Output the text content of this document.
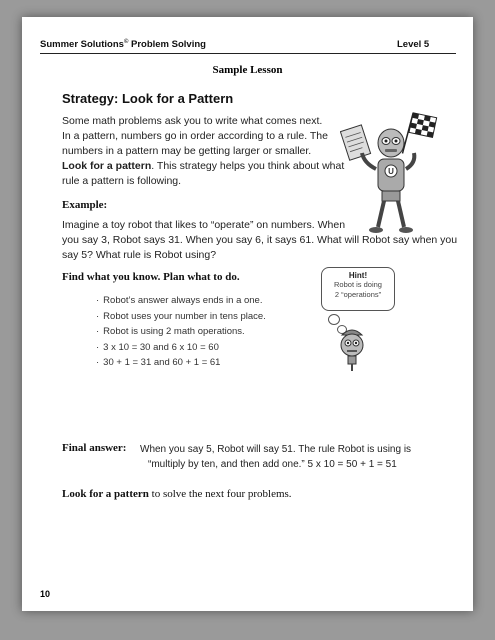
Summer Solutions© Problem Solving	Level 5
Sample Lesson
Strategy: Look for a Pattern
Some math problems ask you to write what comes next.
In a pattern, numbers go in order according to a rule. The
numbers in a pattern may be getting larger or smaller.
Look for a pattern. This strategy helps you think about what
rule a pattern is following.
U
Example:
Imagine a toy robot that likes to “operate” on numbers. When
you say 3, Robot says 31. When you say 6, it says 61. What will Robot say when you
say 5? What rule is Robot using?
Find what you know. Plan what to do.
· Robot’s answer always ends in a one.
· Robot uses your number in tens place.
· Robot is using 2 math operations.
· 3 x 10 = 30 and 6 x 10 = 60
· 30 + 1 = 31 and 60 + 1 = 61
Hint!
Robot is doing
2 “operations”
Final answer: When you say 5, Robot will say 51. The rule Robot is using is
“multiply by ten, and then add one.” 5 x 10 = 50 + 1 = 51
Look for a pattern to solve the next four problems.
10
